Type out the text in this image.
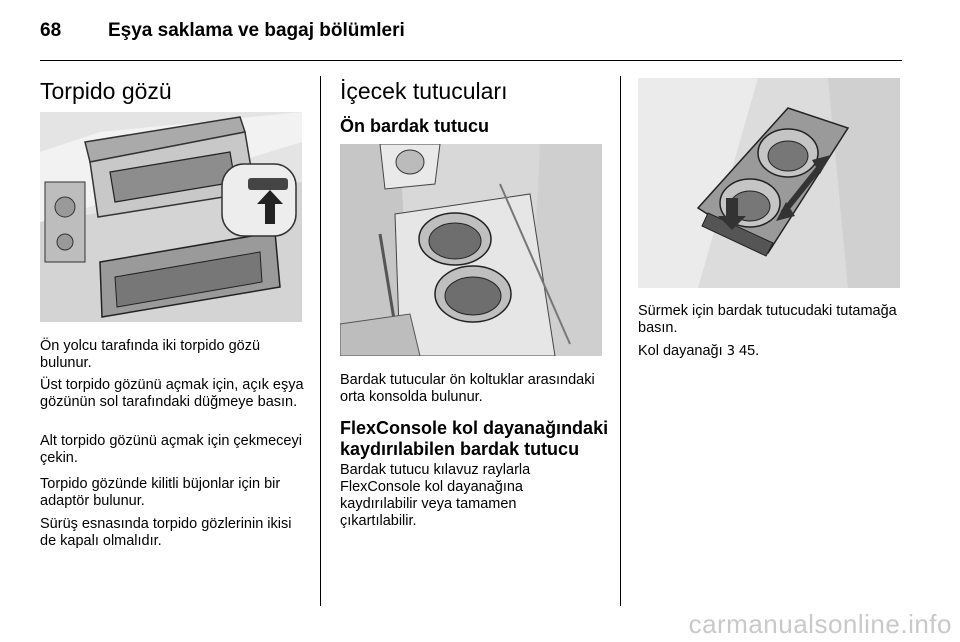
68 Eşya saklama ve bagaj bölümleri
Torpido gözü
Ön yolcu tarafında iki torpido gözü bulunur.
Üst torpido gözünü açmak için, açık eşya gözünün sol tarafındaki düğmeye basın.
Alt torpido gözünü açmak için çekmeceyi çekin.
Torpido gözünde kilitli büjonlar için bir adaptör bulunur.
Sürüş esnasında torpido gözlerinin ikisi de kapalı olmalıdır.
İçecek tutucuları
Ön bardak tutucu
Bardak tutucular ön koltuklar arasındaki orta konsolda bulunur.
FlexConsole kol dayanağındaki kaydırılabilen bardak tutucu
Bardak tutucu kılavuz raylarla FlexConsole kol dayanağına kaydırılabilir veya tamamen çıkartılabilir.
Sürmek için bardak tutucudaki tutamağa basın.
Kol dayanağı 3 45.
carmanualsonline.info
